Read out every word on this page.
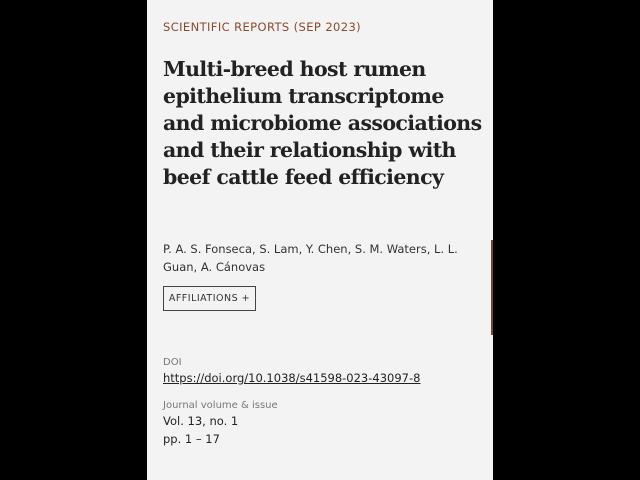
SCIENTIFIC REPORTS (SEP 2023)
Multi-breed host rumen epithelium transcriptome and microbiome associations and their relationship with beef cattle feed efficiency
P. A. S. Fonseca, S. Lam, Y. Chen, S. M. Waters, L. L. Guan, A. Cánovas
AFFILIATIONS +
DOI
https://doi.org/10.1038/s41598-023-43097-8
Journal volume & issue
Vol. 13, no. 1
pp. 1 – 17
